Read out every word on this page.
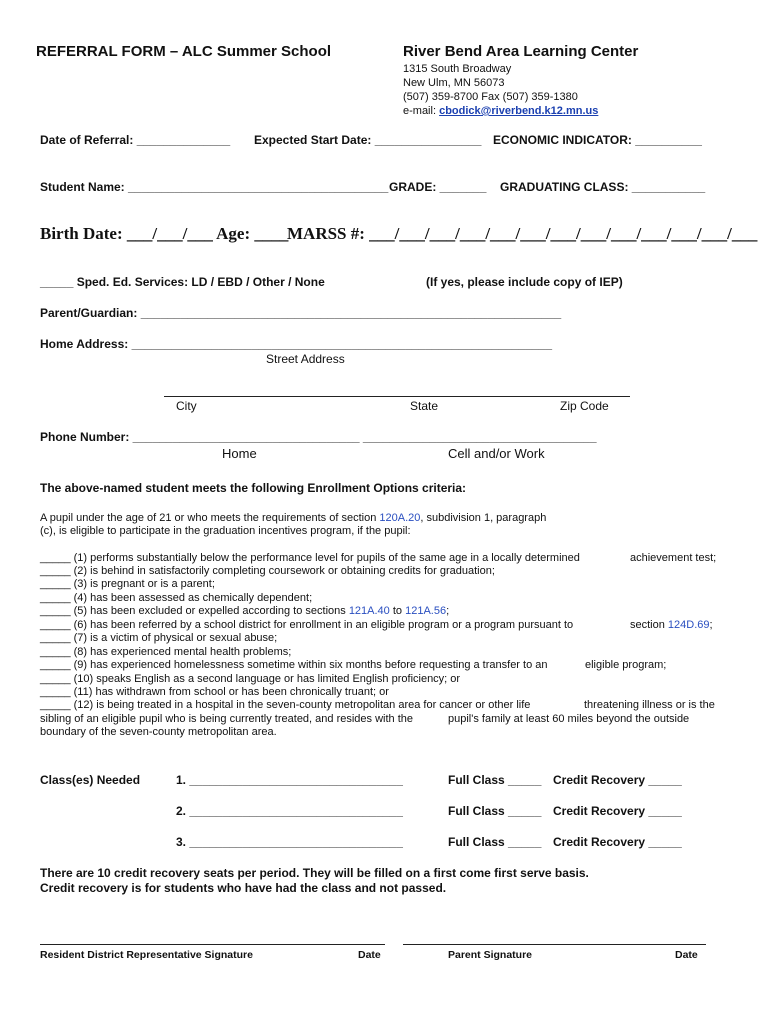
REFERRAL FORM – ALC Summer School	River Bend Area Learning Center
1315 South Broadway
New Ulm, MN 56073
(507) 359-8700 Fax (507) 359-1380
e-mail: cbodick@riverbend.k12.mn.us
Date of Referral: ______________ Expected Start Date: ________________ ECONOMIC INDICATOR: __________
Student Name: _______________________________________ GRADE: _______ GRADUATING CLASS: ___________
Birth Date: ___/___/___ Age: ____
MARSS #: ___/___/___/___/___/___/___/___/___/___/___/___/___
_____ Sped. Ed. Services: LD / EBD / Other / None	(If yes, please include copy of IEP)
Parent/Guardian: _______________________________________________________________
Home Address: _______________________________________________________________
Street Address
City	State	Zip Code
Phone Number: __________________________________ ___________________________________
Home	Cell and/or Work
The above-named student meets the following Enrollment Options criteria:
A pupil under the age of 21 or who meets the requirements of section 120A.20, subdivision 1, paragraph
(c), is eligible to participate in the graduation incentives program, if the pupil:
_____ (1) performs substantially below the performance level for pupils of the same age in a locally determined	achievement test;
_____ (2) is behind in satisfactorily completing coursework or obtaining credits for graduation;
_____ (3) is pregnant or is a parent;
_____ (4) has been assessed as chemically dependent;
_____ (5) has been excluded or expelled according to sections 121A.40 to 121A.56;
_____ (6) has been referred by a school district for enrollment in an eligible program or a program pursuant to	section 124D.69;
_____ (7) is a victim of physical or sexual abuse;
_____ (8) has experienced mental health problems;
_____ (9) has experienced homelessness sometime within six months before requesting a transfer to an	eligible program;
_____ (10) speaks English as a second language or has limited English proficiency; or
_____ (11) has withdrawn from school or has been chronically truant; or
_____ (12) is being treated in a hospital in the seven-county metropolitan area for cancer or other life	threatening illness or is the
sibling of an eligible pupil who is being currently treated, and resides with the	pupil's family at least 60 miles beyond the outside
boundary of the seven-county metropolitan area.
Class(es) Needed	1. ________________________________	Full Class _____ Credit Recovery _____
2. ________________________________	Full Class _____ Credit Recovery _____
3. ________________________________	Full Class _____ Credit Recovery _____
There are 10 credit recovery seats per period. They will be filled on a first come first serve basis.
Credit recovery is for students who have had the class and not passed.
Resident District Representative Signature	Date	Parent Signature	Date
